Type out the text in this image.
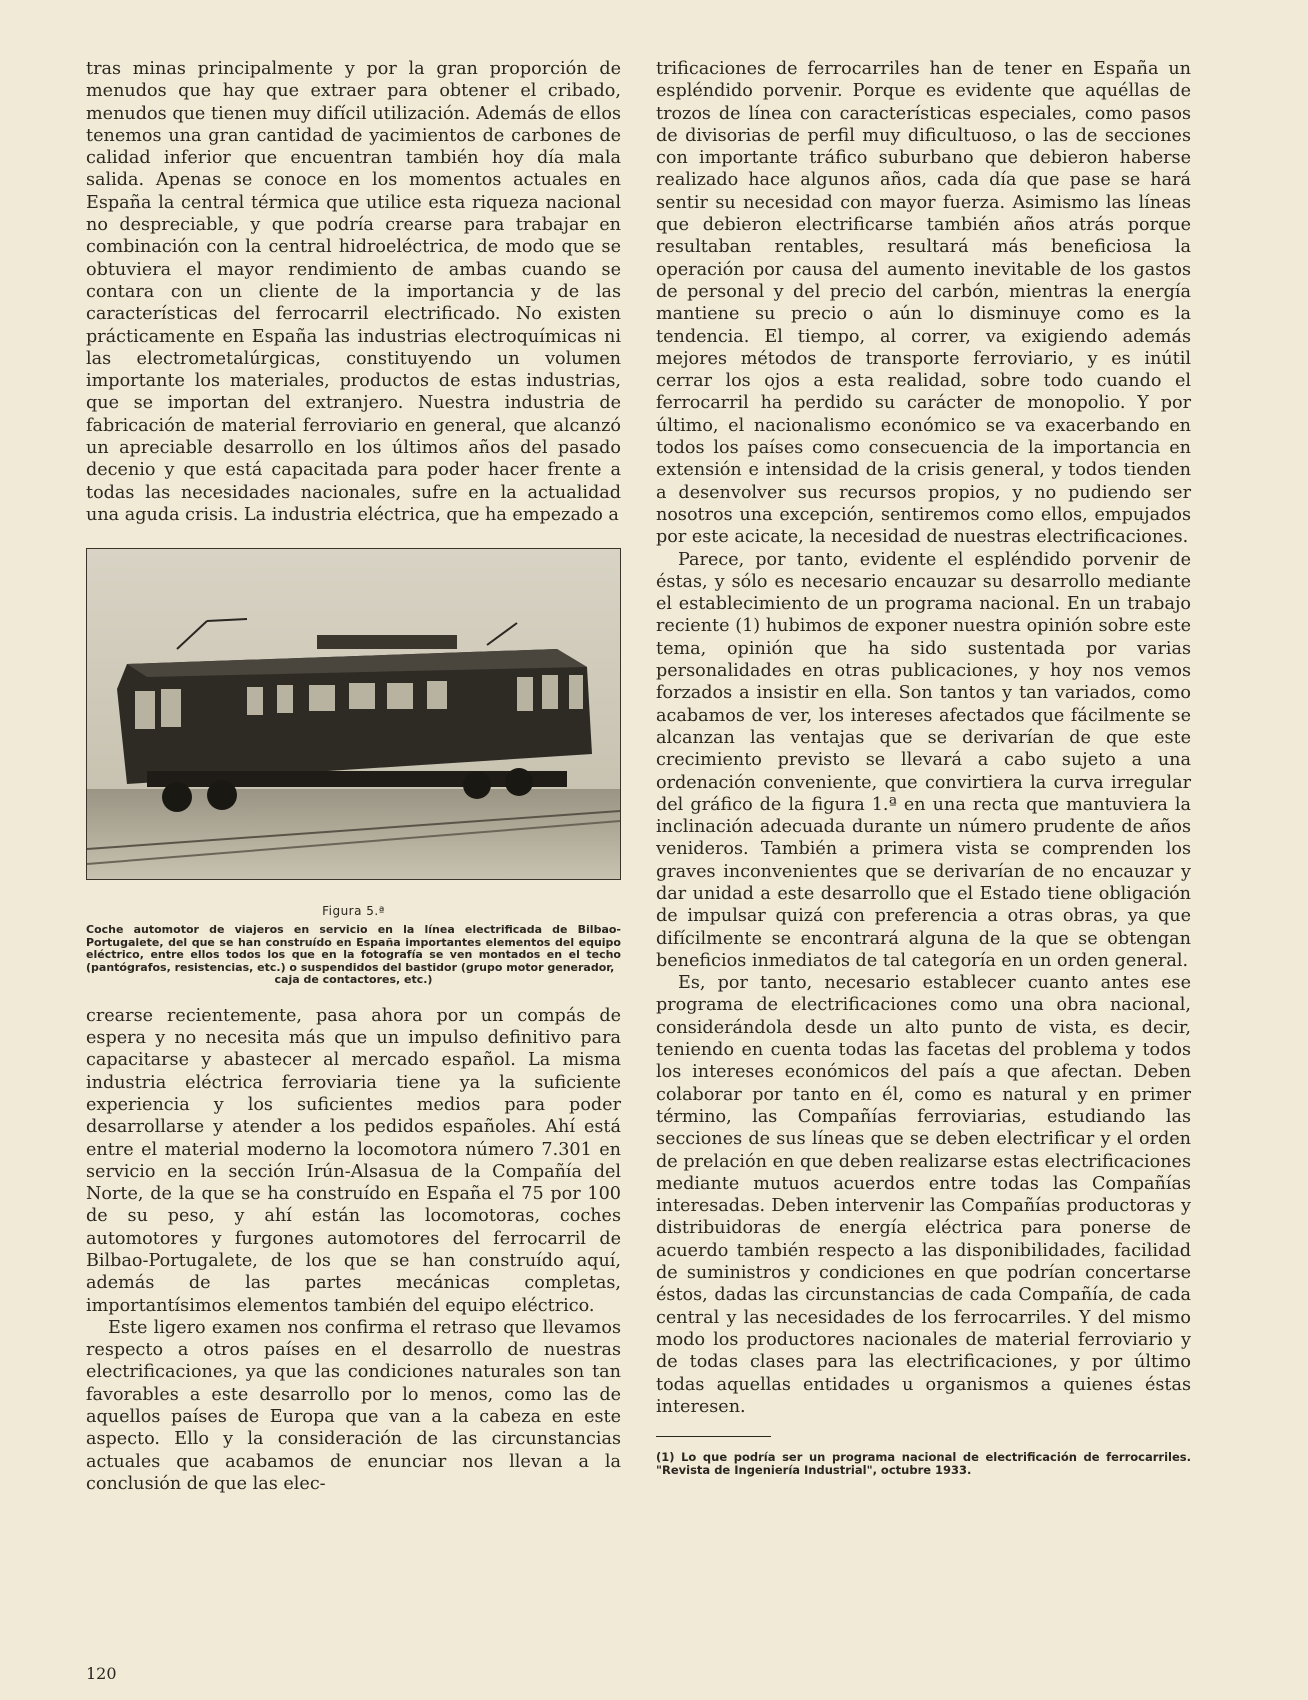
tras minas principalmente y por la gran proporción de menudos que hay que extraer para obtener el cribado, menudos que tienen muy difícil utilización. Además de ellos tenemos una gran cantidad de yacimientos de carbones de calidad inferior que encuentran también hoy día mala salida. Apenas se conoce en los momentos actuales en España la central térmica que utilice esta riqueza nacional no despreciable, y que podría crearse para trabajar en combinación con la central hidroeléctrica, de modo que se obtuviera el mayor rendimiento de ambas cuando se contara con un cliente de la importancia y de las características del ferrocarril electrificado. No existen prácticamente en España las industrias electroquímicas ni las electrometalúrgicas, constituyendo un volumen importante los materiales, productos de estas industrias, que se importan del extranjero. Nuestra industria de fabricación de material ferroviario en general, que alcanzó un apreciable desarrollo en los últimos años del pasado decenio y que está capacitada para poder hacer frente a todas las necesidades nacionales, sufre en la actualidad una aguda crisis. La industria eléctrica, que ha empezado a

Figura 5.ª
Coche automotor de viajeros en servicio en la línea electrificada de Bilbao-Portugalete, del que se han construído en España importantes elementos del equipo eléctrico, entre ellos todos los que en la fotografía se ven montados en el techo (pantógrafos, resistencias, etc.) o suspendidos del bastidor (grupo motor generador,
caja de contactores, etc.)

crearse recientemente, pasa ahora por un compás de espera y no necesita más que un impulso definitivo para capacitarse y abastecer al mercado español. La misma industria eléctrica ferroviaria tiene ya la suficiente experiencia y los suficientes medios para poder desarrollarse y atender a los pedidos españoles. Ahí está entre el material moderno la locomotora número 7.301 en servicio en la sección Irún-Alsasua de la Compañía del Norte, de la que se ha construído en España el 75 por 100 de su peso, y ahí están las locomotoras, coches automotores y furgones automotores del ferrocarril de Bilbao-Portugalete, de los que se han construído aquí, además de las partes mecánicas completas, importantísimos elementos también del equipo eléctrico.

Este ligero examen nos confirma el retraso que llevamos respecto a otros países en el desarrollo de nuestras electrificaciones, ya que las condiciones naturales son tan favorables a este desarrollo por lo menos, como las de aquellos países de Europa que van a la cabeza en este aspecto. Ello y la consideración de las circunstancias actuales que acabamos de enunciar nos llevan a la conclusión de que las elec-

trificaciones de ferrocarriles han de tener en España un espléndido porvenir. Porque es evidente que aquéllas de trozos de línea con características especiales, como pasos de divisorias de perfil muy dificultuoso, o las de secciones con importante tráfico suburbano que debieron haberse realizado hace algunos años, cada día que pase se hará sentir su necesidad con mayor fuerza. Asimismo las líneas que debieron electrificarse también años atrás porque resultaban rentables, resultará más beneficiosa la operación por causa del aumento inevitable de los gastos de personal y del precio del carbón, mientras la energía mantiene su precio o aún lo disminuye como es la tendencia. El tiempo, al correr, va exigiendo además mejores métodos de transporte ferroviario, y es inútil cerrar los ojos a esta realidad, sobre todo cuando el ferrocarril ha perdido su carácter de monopolio. Y por último, el nacionalismo económico se va exacerbando en todos los países como consecuencia de la importancia en extensión e intensidad de la crisis general, y todos tienden a desenvolver sus recursos propios, y no pudiendo ser nosotros una excepción, sentiremos como ellos, empujados por este acicate, la necesidad de nuestras electrificaciones.

Parece, por tanto, evidente el espléndido porvenir de éstas, y sólo es necesario encauzar su desarrollo mediante el establecimiento de un programa nacional. En un trabajo reciente (1) hubimos de exponer nuestra opinión sobre este tema, opinión que ha sido sustentada por varias personalidades en otras publicaciones, y hoy nos vemos forzados a insistir en ella. Son tantos y tan variados, como acabamos de ver, los intereses afectados que fácilmente se alcanzan las ventajas que se derivarían de que este crecimiento previsto se llevará a cabo sujeto a una ordenación conveniente, que convirtiera la curva irregular del gráfico de la figura 1.ª en una recta que mantuviera la inclinación adecuada durante un número prudente de años venideros. También a primera vista se comprenden los graves inconvenientes que se derivarían de no encauzar y dar unidad a este desarrollo que el Estado tiene obligación de impulsar quizá con preferencia a otras obras, ya que difícilmente se encontrará alguna de la que se obtengan beneficios inmediatos de tal categoría en un orden general.

Es, por tanto, necesario establecer cuanto antes ese programa de electrificaciones como una obra nacional, considerándola desde un alto punto de vista, es decir, teniendo en cuenta todas las facetas del problema y todos los intereses económicos del país a que afectan. Deben colaborar por tanto en él, como es natural y en primer término, las Compañías ferroviarias, estudiando las secciones de sus líneas que se deben electrificar y el orden de prelación en que deben realizarse estas electrificaciones mediante mutuos acuerdos entre todas las Compañías interesadas. Deben intervenir las Compañías productoras y distribuidoras de energía eléctrica para ponerse de acuerdo también respecto a las disponibilidades, facilidad de suministros y condiciones en que podrían concertarse éstos, dadas las circunstancias de cada Compañía, de cada central y las necesidades de los ferrocarriles. Y del mismo modo los productores nacionales de material ferroviario y de todas clases para las electrificaciones, y por último todas aquellas entidades u organismos a quienes éstas interesen.

(1) Lo que podría ser un programa nacional de electrificación de ferrocarriles. "Revista de Ingeniería Industrial", octubre 1933.
120
